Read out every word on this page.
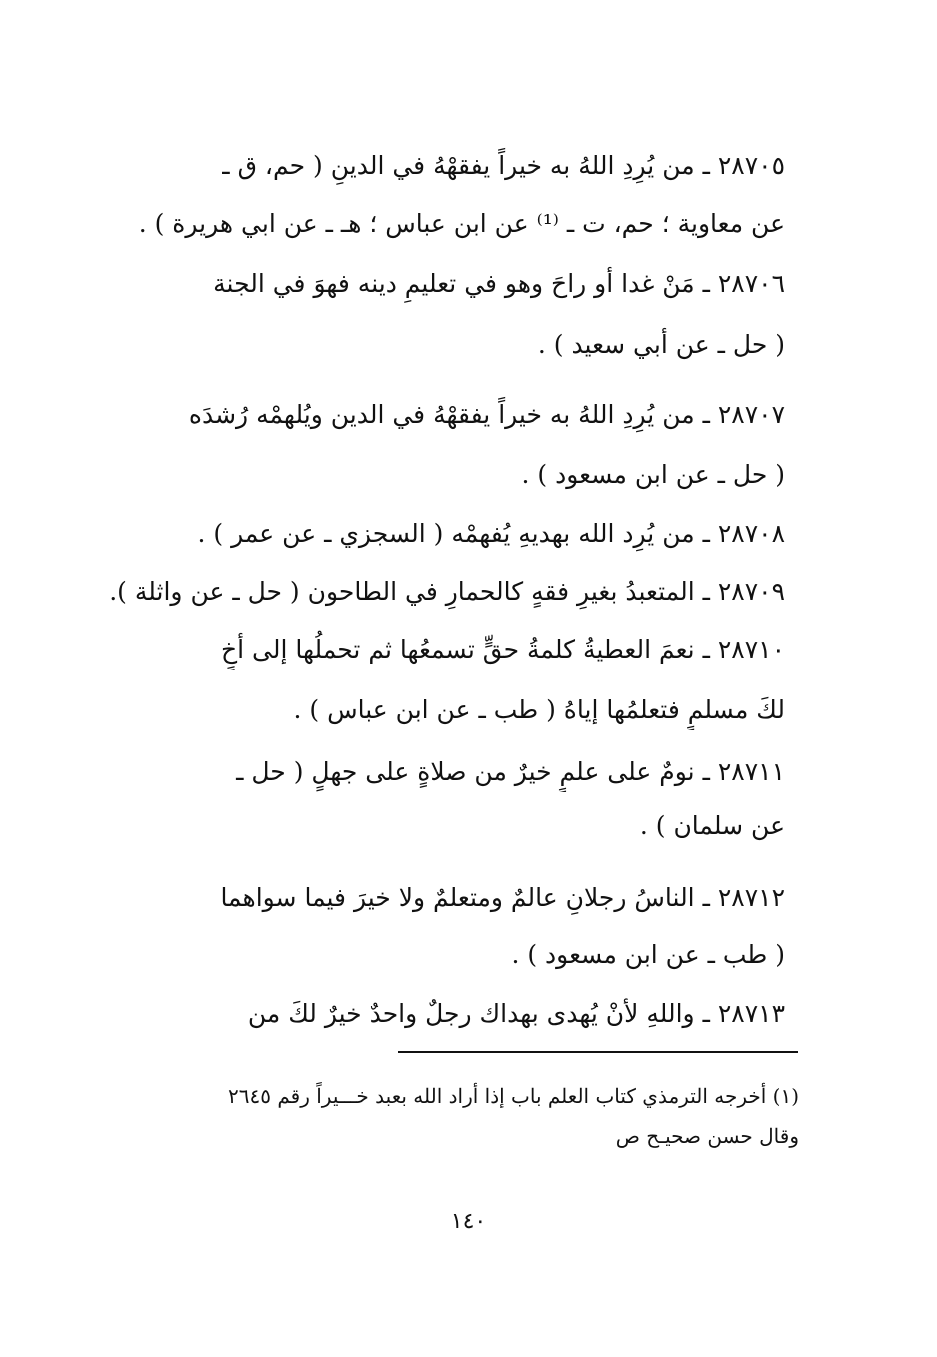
٢٨٧٠٥ ـ من يُرِدِ اللهُ به خيراً يفقهْهُ في الدينِ ( حم، ق ـ
عن معاوية ؛ حم، ت ـ ⁽¹⁾ عن ابن عباس ؛ هـ ـ عن ابي هريرة ) .
٢٨٧٠٦ ـ مَنْ غدا أو راحَ وهو في تعليمِ دينه فهوَ في الجنة
( حل ـ عن أبي سعيد ) .
٢٨٧٠٧ ـ من يُرِدِ اللهُ به خيراً يفقهْهُ في الدين ويُلهمْه رُشدَه
( حل ـ عن ابن مسعود ) .
٢٨٧٠٨ ـ من يُرِد الله بهديهِ يُفهمْه ( السجزي ـ عن عمر ) .
٢٨٧٠٩ ـ المتعبدُ بغيرِ فقهٍ كالحمارِ في الطاحون ( حل ـ عن واثلة ).
٢٨٧١٠ ـ نعمَ العطيةُ كلمةُ حقٍّ تسمعُها ثم تحملُها إلى أخٍ
لكَ مسلمٍ فتعلمُها إياهُ ( طب ـ عن ابن عباس ) .
٢٨٧١١ ـ نومٌ على علمٍ خيرٌ من صلاةٍ على جهلٍ ( حل ـ
عن سلمان ) .
٢٨٧١٢ ـ الناسُ رجلانِ عالمٌ ومتعلمٌ ولا خيرَ فيما سواهما
( طب ـ عن ابن مسعود ) .
٢٨٧١٣ ـ واللهِ لأنْ يُهدى بهداك رجلٌ واحدٌ خيرٌ لكَ من
(١) أخرجه الترمذي كتاب العلم باب إذا أراد الله بعبد خـــيراً رقم ٢٦٤٥
وقال حسن صحيـح ص
١٤٠
